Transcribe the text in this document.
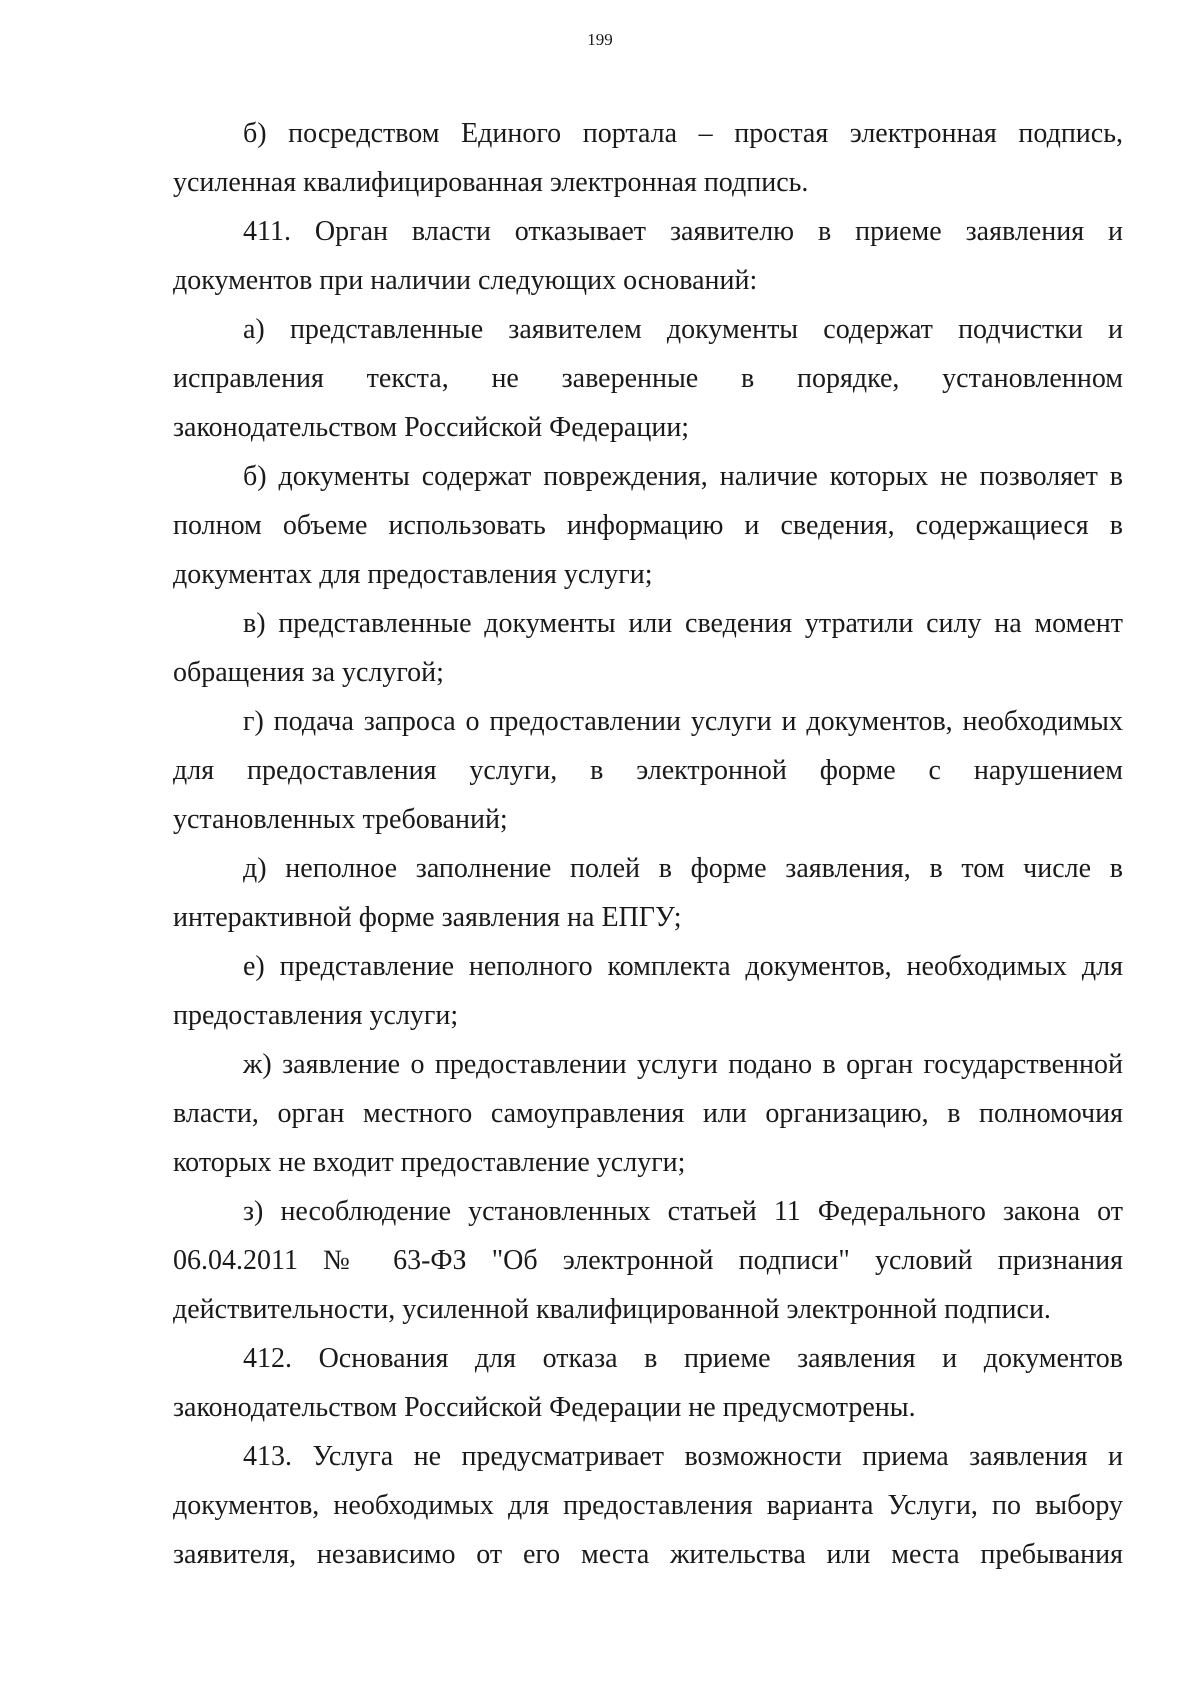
199

б) посредством Единого портала – простая электронная подпись, усиленная квалифицированная электронная подпись.

411. Орган власти отказывает заявителю в приеме заявления и документов при наличии следующих оснований:

а) представленные заявителем документы содержат подчистки и исправления текста, не заверенные в порядке, установленном законодательством Российской Федерации;

б) документы содержат повреждения, наличие которых не позволяет в полном объеме использовать информацию и сведения, содержащиеся в документах для предоставления услуги;

в) представленные документы или сведения утратили силу на момент обращения за услугой;

г) подача запроса о предоставлении услуги и документов, необходимых для предоставления услуги, в электронной форме с нарушением установленных требований;

д) неполное заполнение полей в форме заявления, в том числе в интерактивной форме заявления на ЕПГУ;

е) представление неполного комплекта документов, необходимых для предоставления услуги;

ж) заявление о предоставлении услуги подано в орган государственной власти, орган местного самоуправления или организацию, в полномочия которых не входит предоставление услуги;

з) несоблюдение установленных статьей 11 Федерального закона от 06.04.2011 № 63-ФЗ "Об электронной подписи" условий признания действительности, усиленной квалифицированной электронной подписи.

412. Основания для отказа в приеме заявления и документов законодательством Российской Федерации не предусмотрены.

413. Услуга не предусматривает возможности приема заявления и документов, необходимых для предоставления варианта Услуги, по выбору заявителя, независимо от его места жительства или места пребывания
